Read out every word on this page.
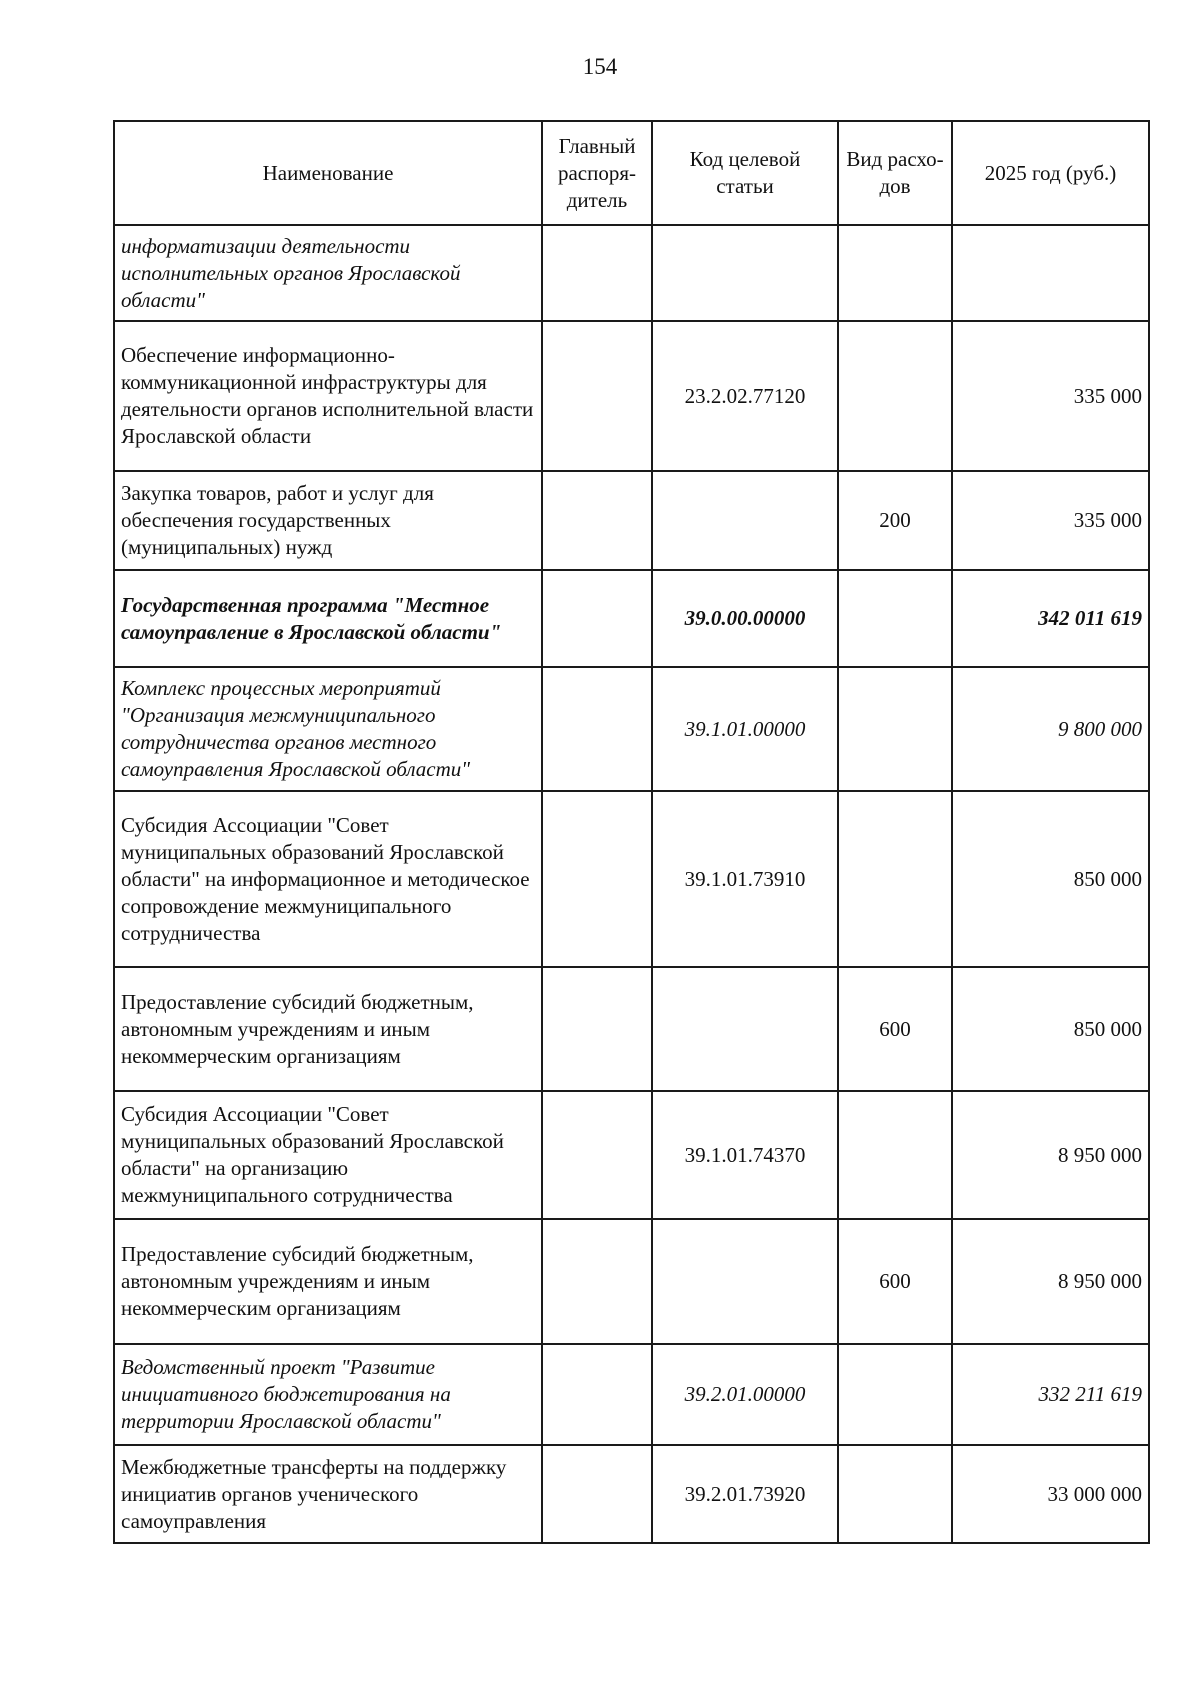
154
Наименование	Главный распоря- дитель	Код целевой статьи	Вид расхо- дов	2025 год (руб.)
информатизации деятельности исполнительных органов Ярославской области"				
Обеспечение информационно-коммуникационной инфраструктуры для деятельности органов исполнительной власти Ярославской области		23.2.02.77120		335 000
Закупка товаров, работ и услуг для обеспечения государственных (муниципальных) нужд			200	335 000
Государственная программа "Местное самоуправление в Ярославской области"		39.0.00.00000		342 011 619
Комплекс процессных мероприятий "Организация межмуниципального сотрудничества органов местного самоуправления Ярославской области"		39.1.01.00000		9 800 000
Субсидия Ассоциации "Совет муниципальных образований Ярославской области" на информационное и методическое сопровождение межмуниципального сотрудничества		39.1.01.73910		850 000
Предоставление субсидий бюджетным, автономным учреждениям и иным некоммерческим организациям			600	850 000
Субсидия Ассоциации "Совет муниципальных образований Ярославской области" на организацию межмуниципального сотрудничества		39.1.01.74370		8 950 000
Предоставление субсидий бюджетным, автономным учреждениям и иным некоммерческим организациям			600	8 950 000
Ведомственный проект "Развитие инициативного бюджетирования на территории Ярославской области"		39.2.01.00000		332 211 619
Межбюджетные трансферты на поддержку инициатив органов ученического самоуправления		39.2.01.73920		33 000 000
